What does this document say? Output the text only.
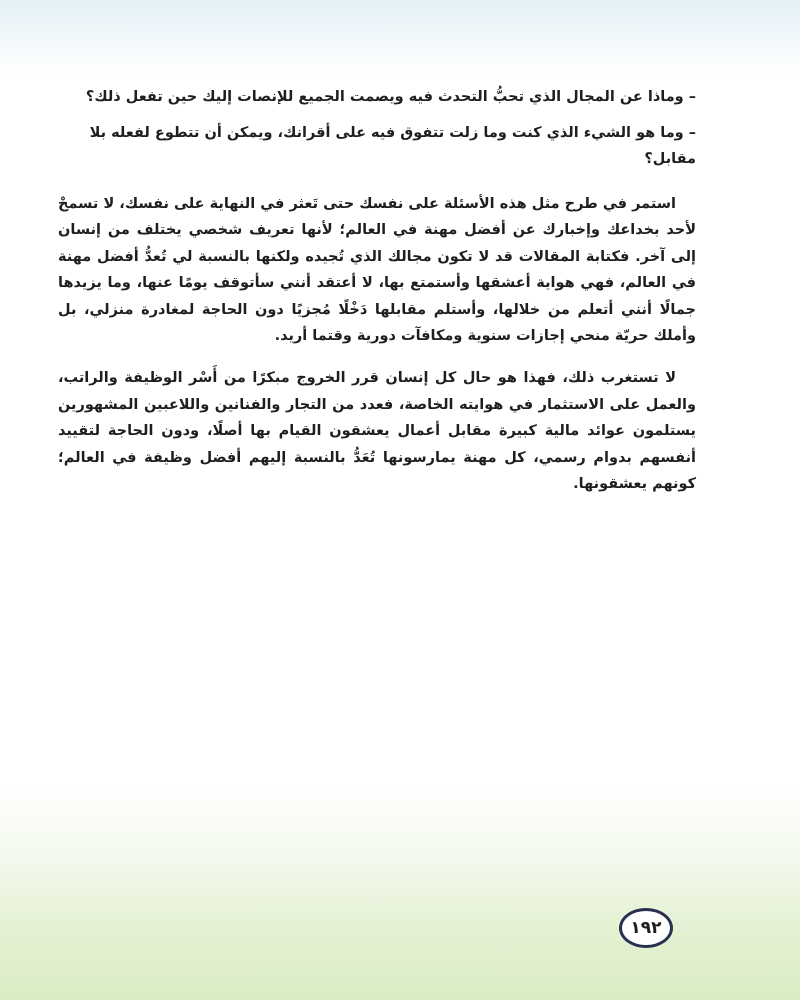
– وماذا عن المجال الذي تحبُّ التحدث فيه ويصمت الجميع للإنصات إليك حين تفعل ذلك؟

– وما هو الشيء الذي كنت وما زلت تتفوق فيه على أقرانك، ويمكن أن تتطوع لفعله بلا مقابل؟

استمر في طرح مثل هذه الأسئلة على نفسك حتى تَعثر في النهاية على نفسك، لا تسمحْ لأحد بخداعك وإخبارك عن أفضل مهنة في العالم؛ لأنها تعريف شخصي يختلف من إنسان إلى آخر. فكتابة المقالات قد لا تكون مجالك الذي تُجيده ولكنها بالنسبة لي تُعدُّ أفضل مهنة في العالم، فهي هواية أعشقها وأستمتع بها، لا أعتقد أنني سأتوقف يومًا عنها، وما يزيدها جمالًا أنني أتعلم من خلالها، وأستلم مقابلها دَخْلًا مُجزيًا دون الحاجة لمغادرة منزلي، بل وأملك حريّة منحي إجازات سنوية ومكافآت دورية وقتما أريد.

لا تستغرب ذلك، فهذا هو حال كل إنسان قرر الخروج مبكرًا من أَسْر الوظيفة والراتب، والعمل على الاستثمار في هوايته الخاصة، فعدد من التجار والفنانين واللاعبين المشهورين يستلمون عوائد مالية كبيرة مقابل أعمال يعشقون القيام بها أصلًا، ودون الحاجة لتقييد أنفسهم بدوام رسمي، كل مهنة يمارسونها تُعَدُّ بالنسبة إليهم أفضل وظيفة في العالم؛ كونهم يعشقونها.

١٩٢
